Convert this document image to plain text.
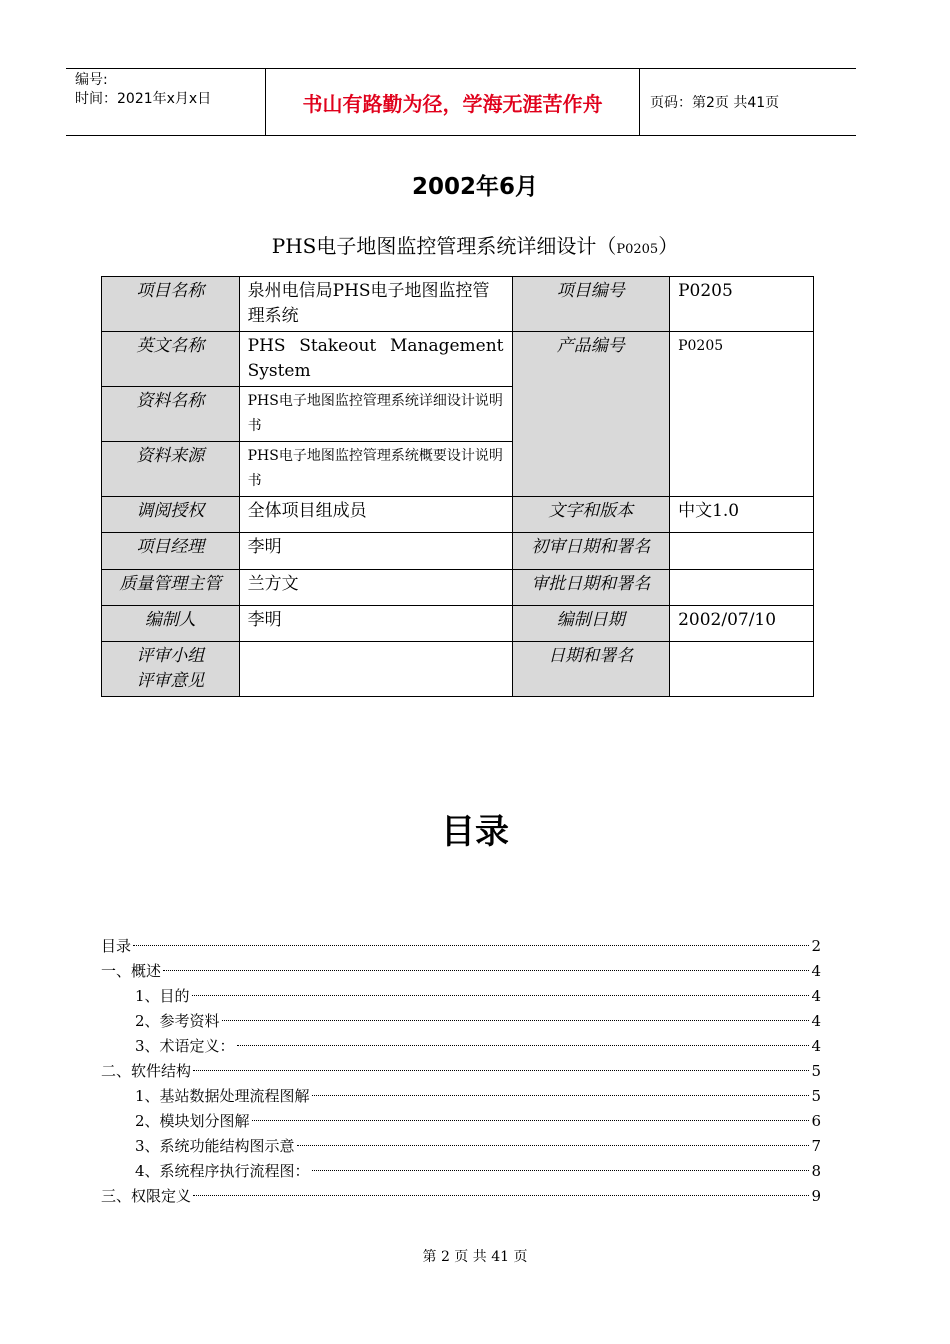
编号:
时间：2021年x月x日	书山有路勤为径，学海无涯苦作舟	页码：第2页 共41页
2002年6月
PHS电子地图监控管理系统详细设计（P0205）
项目名称	泉州电信局PHS电子地图监控管理系统	项目编号	P0205
英文名称	PHS Stakeout Management
System	产品编号	P0205
资料名称	PHS电子地图监控管理系统详细设计说明书		
资料来源	PHS电子地图监控管理系统概要设计说明书		
调阅授权	全体项目组成员	文字和版本	中文1.0
项目经理	李明	初审日期和署名	
质量管理主管	兰方文	审批日期和署名	
编制人	李明	编制日期	2002/07/10

评审小组
评审意见		日期和署名	
目录
目录	2
一、概述	4
1、目的	4
2、参考资料	4
3、术语定义：	4
二、软件结构	5
1、基站数据处理流程图解	5
2、模块划分图解	6
3、系统功能结构图示意	7
4、系统程序执行流程图：	8
三、权限定义	9
第 2 页 共 41 页
